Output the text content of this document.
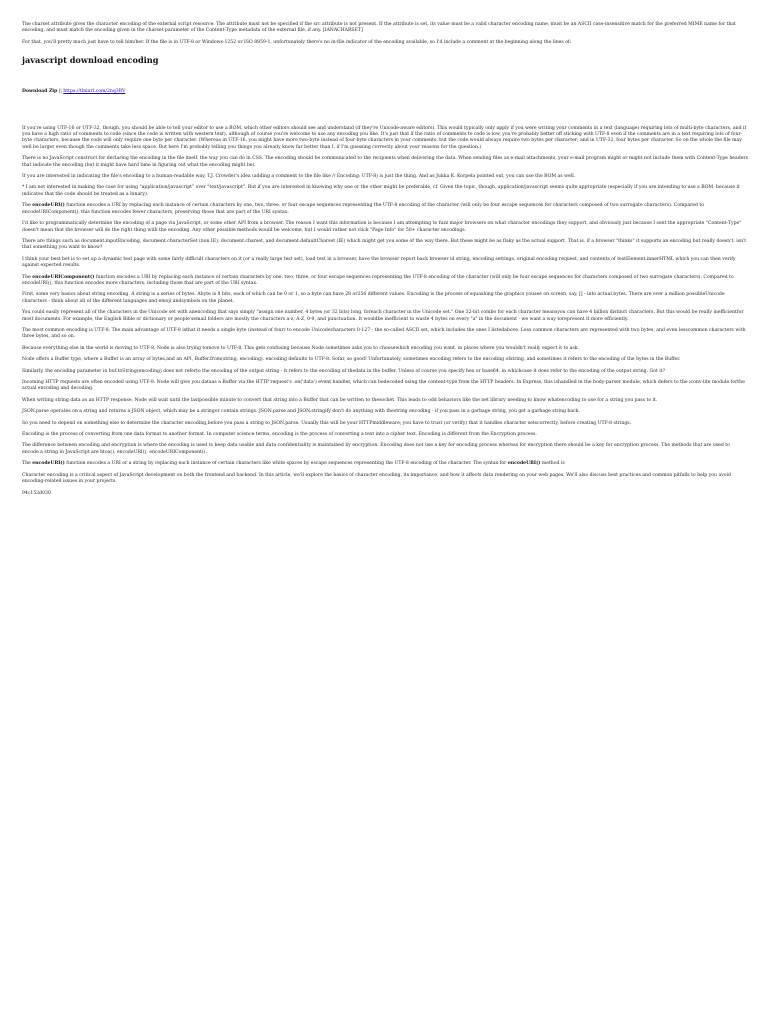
The charset attribute gives the character encoding of the external script resource. The attribute must not be specified if the src attribute is not present. If the attribute is set, its value must be a valid character encoding name, must be an ASCII case-insensitive match for the preferred MIME name for that encoding, and must match the encoding given in the charset parameter of the Content-Type metadata of the external file, if any. [IANACHARSET]

For that, you'll pretty much just have to tell him/her. If the file is in UTF-8 or Windows-1252 or ISO 8859-1, unfortunately there's no in-file indicator of the encoding available, so I'd include a comment at the beginning along the lines of:

javascript download encoding
Download Zip || https://tlniurl.com/2nq3BV

If you're using UTF-16 or UTF-32, though, you should be able to tell your editor to use a BOM, which other editors should see and understand (if they're Unicode-aware editors). This would typically only apply if you were writing your comments in a text (language) requiring lots of multi-byte characters, and if you have a high ratio of comments to code (since the code is written with western text), although of course you're welcome to use any encoding you like. It's just that if the ratio of comments to code is low, you're probably better off sticking with UTF-8 even if the comments are in a text requiring lots of four-byte characters, because the code will only require one byte per character. (Whereas in UTF-16, you might have more two-byte instead of four-byte characters in your comments, but the code would always require two bytes per character; and in UTF-32, four bytes per character. So on the whole the file may well be larger even though the comments take less space. But here I'm probably telling you things you already know far better than I, if I'm guessing correctly about your reasons for the question.)

There is no JavaScript construct for declaring the encoding in the file itself, the way you can do in CSS. The encoding should be communicated to the recipients when delivering the data. When sending files as e-mail attachments, your e-mail program might or might not include them with Content-Type headers that indicate the encoding (but it might have hard time in figuring out what the encoding might be).

If you are interested in indicating the file's encoding to a human-readable way, T.J. Crowder's idea (adding a comment to the file like // Encoding: UTF-8) is just the thing. And as Jukka K. Korpela pointed out, you can use the BOM as well.

* I am not interested in making the case for using "application/javascript" over "text/javascript". But if you are interested in knowing why one or the other might be preferable, cf. Given the topic, though, application/javascript seems quite appropriate (especially if you are intending to use a BOM, because it indicates that the code should be treated as a binary).

The encodeURI() function encodes a URI by replacing each instance of certain characters by one, two, three, or four escape sequences representing the UTF-8 encoding of the character (will only be four escape sequences for characters composed of two surrogate characters). Compared to encodeURIComponent(), this function encodes fewer characters, preserving those that are part of the URI syntax.

I'd like to programmatically determine the encoding of a page via JavaScript, or some other API from a browser. The reason I want this information is because I am attempting to fuzz major browsers on what character encodings they support, and obviously just because I sent the appropriate "Content-Type" doesn't mean that the browser will do the right thing with the encoding. Any other possible methods would be welcome, but I would rather not click "Page Info" for 50+ character encodings.

There are things such as document.inputEncoding, document.characterSet (non IE), document.charset, and document.defaultCharset (IE) which might get you some of the way there. But these might be as flaky as the actual support. That is, if a browser "thinks" it supports an encoding but really doesn't, isn't that something you want to know?

I think your best bet is to set up a dynamic test page with some fairly difficult characters on it (or a really large test set), load test in a browser, have the browser report back browser id string, encoding settings, original encoding request, and contents of testElement.innerHTML which you can then verify against expected results.

The encodeURIComponent() function encodes a URI by replacing each instance of certain characters by one, two, three, or four escape sequences representing the UTF-8 encoding of the character (will only be four escape sequences for characters composed of two surrogate characters). Compared to encodeURI(), this function encodes more characters, including those that are part of the URI syntax.

First, some very basics about string encoding. A string is a series of bytes. Abyte is 8 bits, each of which can be 0 or 1, so a byte can have 28 or256 different values. Encoding is the process of squashing the graphics yousee on screen, say, [] - into actual bytes. There are over a million possibleUnicode characters - think about all of the different languages and emoji andsymbols on the planet.

You could easily represent all of the characters in the Unicode set with anencoding that says simply "assign one number, 4 bytes (or 32 bits) long, foreach character in the Unicode set." One 32-bit combo for each character meansyou can have 4 billion distinct characters. But this would be really inefficientfor most documents. For example, the English Bible or dictionary or people'semail folders are mostly the characters a-z, A-Z, 0-9, and punctuation. It wouldbe inefficient to waste 4 bytes on every "a" in the document - we want a way torepresent it more efficiently.

The most common encoding is UTF-8. The main advantage of UTF-8 isthat it needs a single byte (instead of four) to encode Unicodecharacters 0-127 - the so-called ASCII set, which includes the ones I listedabove. Less common characters are represented with two bytes, and even lesscommon characters with three bytes, and so on.

Because everything else in the world is moving to UTF-8, Node is also trying tomove to UTF-8. This gets confusing because Node sometimes asks you to choosewhich encoding you want, in places where you wouldn't really expect it to ask.

Node offers a Buffer type, where a Buffer is an array of bytes,and an API, Buffer.from(string, encoding). encoding defaults to UTF-8. Sofar, so good! Unfortunately, sometimes encoding refers to the encoding ofstring, and sometimes it refers to the encoding of the bytes in the Buffer.

Similarly, the encoding parameter in buf.toString(encoding) does not referto the encoding of the output string - it refers to the encoding of thedata in the buffer. Unless of course you specify hex or base64, in whichcase it does refer to the encoding of the output string. Got it?

Incoming HTTP requests are often encoded using UTF-8. Node will give you dataas a Buffer via the HTTP request's .on('data') event handler, which can bedecoded using the content-type from the HTTP headers. In Express, this ishandled in the body-parser module, which defers to the iconv-lite module forthe actual encoding and decoding.

When writing string data as an HTTP response, Node will wait until the lastpossible minute to convert that string into a Buffer that can be written to thesocket. This leads to odd behaviors like the net library needing to know whatencoding to use for a string you pass to it.

JSON.parse operates on a string and returns a JSON object, which may be a stringor contain strings. JSON.parse and JSON.stringify don't do anything with thestring encoding - if you pass in a garbage string, you get a garbage string back.

So you need to depend on something else to determine the character encoding,before you pass a string to JSON.parse. Usually this will be your HTTPmiddleware; you have to trust (or verify) that it handles character setscorrectly, before creating UTF-8 strings.

Encoding is the process of converting from one data format to another format. In computer science terms, encoding is the process of converting a text into a cipher text. Encoding is different from the Encryption process.

The difference between encoding and encryption is where the encoding is used to keep data usable and data confidentiality is maintained by encryption. Encoding does not use a key for encoding process whereas for encryption there should be a key for encryption process. The methods that are used to encode a string in JavaScript are btoa(), encodeURI(), encodeURIComponent().

The encodeURI() function encodes a URI or a string by replacing each instance of certain characters like white spaces by escape sequences representing the UTF-8 encoding of the character. The syntax for encodeURI() method is

Character encoding is a critical aspect of JavaScript development on both the frontend and backend. In this article, we'll explore the basics of character encoding, its importance, and how it affects data rendering on your web pages. We'll also discuss best practices and common pitfalls to help you avoid encoding-related issues in your projects.

94c153d030
